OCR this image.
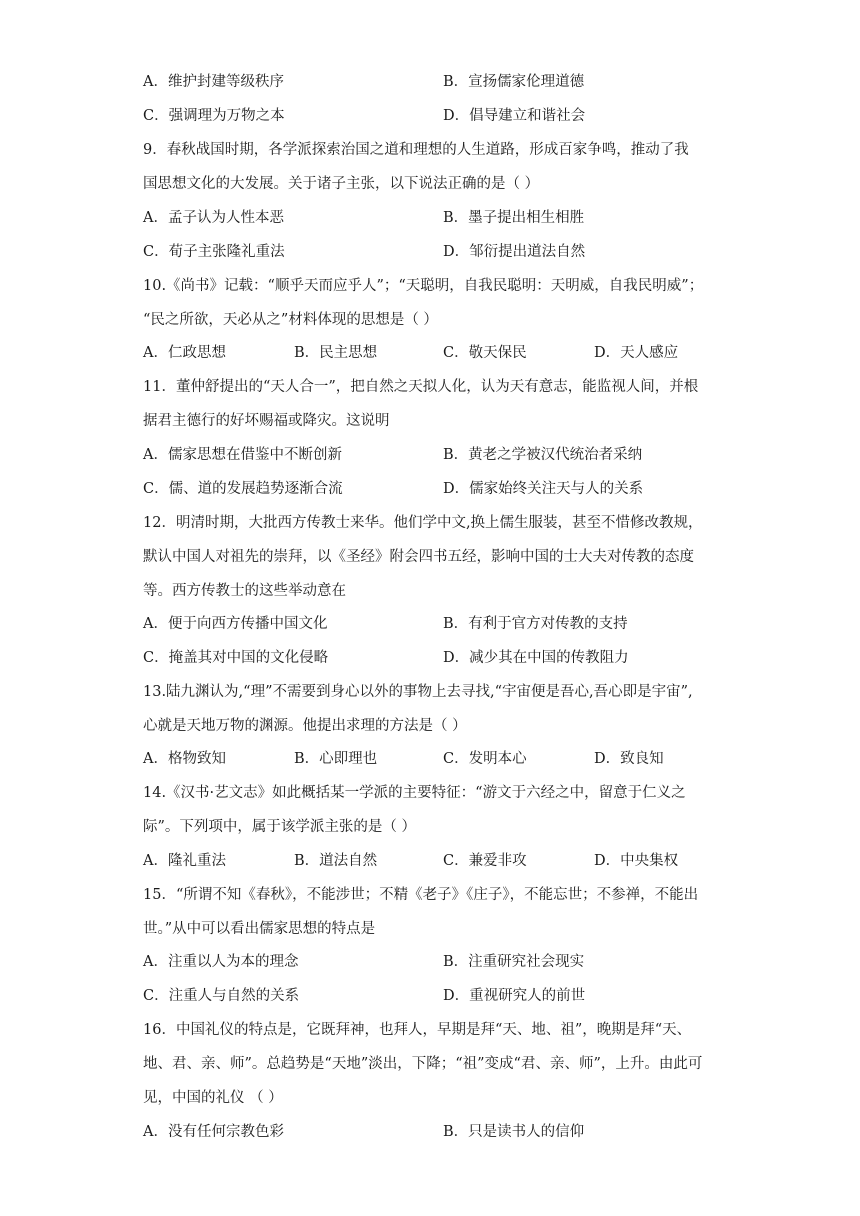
A．维护封建等级秩序	B．宣扬儒家伦理道德
C．强调理为万物之本	D．倡导建立和谐社会
9．春秋战国时期，各学派探索治国之道和理想的人生道路，形成百家争鸣，推动了我
国思想文化的大发展。关于诸子主张，以下说法正确的是（ ）
A．孟子认为人性本恶	B．墨子提出相生相胜
C．荀子主张隆礼重法	D．邹衍提出道法自然
10.《尚书》记载：“顺乎天而应乎人”；“天聪明，自我民聪明：天明威，自我民明威”；
“民之所欲，天必从之”材料体现的思想是（ ）
A．仁政思想	B．民主思想	C．敬天保民	D．天人感应
11．董仲舒提出的“天人合一”，把自然之天拟人化，认为天有意志，能监视人间，并根
据君主德行的好坏赐福或降灾。这说明
A．儒家思想在借鉴中不断创新	B．黄老之学被汉代统治者采纳
C．儒、道的发展趋势逐渐合流	D．儒家始终关注天与人的关系
12．明清时期，大批西方传教士来华。他们学中文,换上儒生服装，甚至不惜修改教规，
默认中国人对祖先的崇拜，以《圣经》附会四书五经，影响中国的士大夫对传教的态度
等。西方传教士的这些举动意在
A．便于向西方传播中国文化	B．有利于官方对传教的支持
C．掩盖其对中国的文化侵略	D．减少其在中国的传教阻力
13.陆九渊认为,“理”不需要到身心以外的事物上去寻找,“宇宙便是吾心,吾心即是宇宙”,
心就是天地万物的渊源。他提出求理的方法是（ ）
A．格物致知	B．心即理也	C．发明本心	D．致良知
14.《汉书·艺文志》如此概括某一学派的主要特征：“游文于六经之中，留意于仁义之
际”。下列项中，属于该学派主张的是（ ）
A．隆礼重法	B．道法自然	C．兼爱非攻	D．中央集权
15．“所谓不知《春秋》，不能涉世；不精《老子》《庄子》，不能忘世；不参禅，不能出
世。”从中可以看出儒家思想的特点是
A．注重以人为本的理念	B．注重研究社会现实
C．注重人与自然的关系	D．重视研究人的前世
16．中国礼仪的特点是，它既拜神，也拜人，早期是拜“天、地、祖”，晚期是拜“天、
地、君、亲、师”。总趋势是“天地”淡出，下降；“祖”变成“君、亲、师”，上升。由此可
见，中国的礼仪 （ ）
A．没有任何宗教色彩	B．只是读书人的信仰
